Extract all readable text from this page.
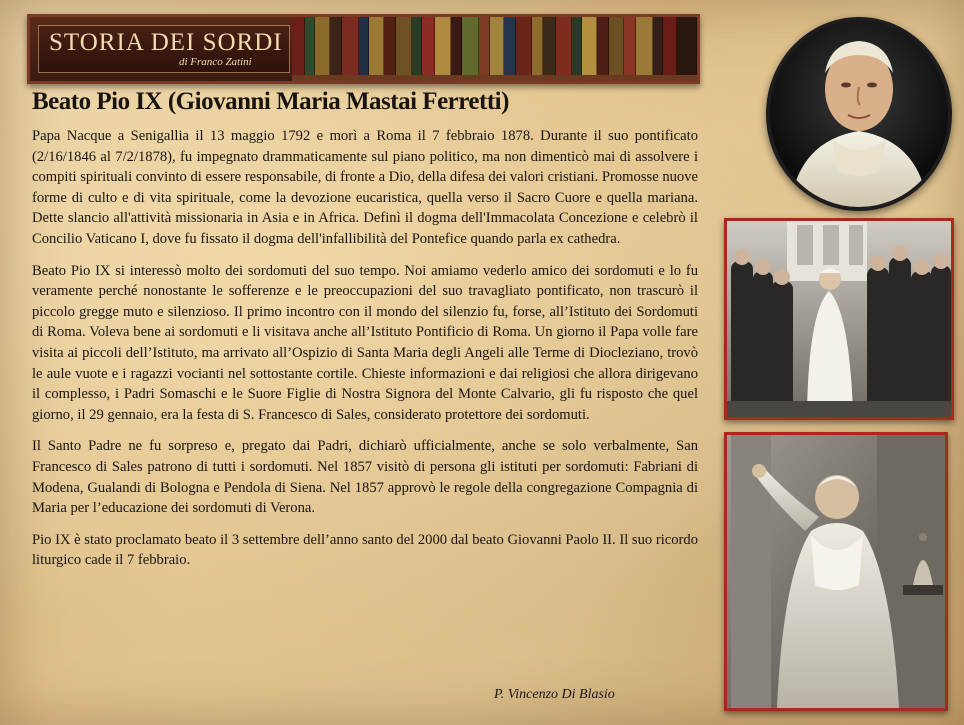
STORIA DEI SORDI
di Franco Zatini
Beato Pio IX (Giovanni Maria Mastai Ferretti)

Papa Nacque a Senigallia il 13 maggio 1792 e morì a Roma il 7 febbraio 1878. Durante il suo pontificato (2/16/1846 al 7/2/1878), fu impegnato drammaticamente sul piano politico, ma non dimenticò mai di assolvere i compiti spirituali convinto di essere responsabile, di fronte a Dio, della difesa dei valori cristiani. Promosse nuove forme di culto e di vita spirituale, come la devozione eucaristica, quella verso il Sacro Cuore e quella mariana. Dette slancio all'attività missionaria in Asia e in Africa. Definì il dogma dell'Immacolata Concezione e celebrò il Concilio Vaticano I, dove fu fissato il dogma dell'infallibilità del Pontefice quando parla ex cathedra.

Beato Pio IX si interessò molto dei sordomuti del suo tempo. Noi amiamo vederlo amico dei sordomuti e lo fu veramente perché nonostante le sofferenze e le preoccupazioni del suo travagliato pontificato, non trascurò il piccolo gregge muto e silenzioso. Il primo incontro con il mondo del silenzio fu, forse, all’Istituto dei Sordomuti di Roma. Voleva bene ai sordomuti e li visitava anche all’Istituto Pontificio di Roma. Un giorno il Papa volle fare visita ai piccoli dell’Istituto, ma arrivato all’Ospizio di Santa Maria degli Angeli alle Terme di Diocleziano, trovò le aule vuote e i ragazzi vocianti nel sottostante cortile. Chieste informazioni e dai religiosi che allora dirigevano il complesso, i Padri Somaschi e le Suore Figlie di Nostra Signora del Monte Calvario, gli fu risposto che quel giorno, il 29 gennaio, era la festa di S. Francesco di Sales, considerato protettore dei sordomuti.

Il Santo Padre ne fu sorpreso e, pregato dai Padri, dichiarò ufficialmente, anche se solo verbalmente, San Francesco di Sales patrono di tutti i sordomuti. Nel 1857 visitò di persona gli istituti per sordomuti: Fabriani di Modena, Gualandi di Bologna e Pendola di Siena. Nel 1857 approvò le regole della congregazione Compagnia di Maria per l’educazione dei sordomuti di Verona.

Pio IX è stato proclamato beato il 3 settembre dell’anno santo del 2000 dal beato Giovanni Paolo II. Il suo ricordo liturgico cade il 7 febbraio.

P. Vincenzo Di Blasio
